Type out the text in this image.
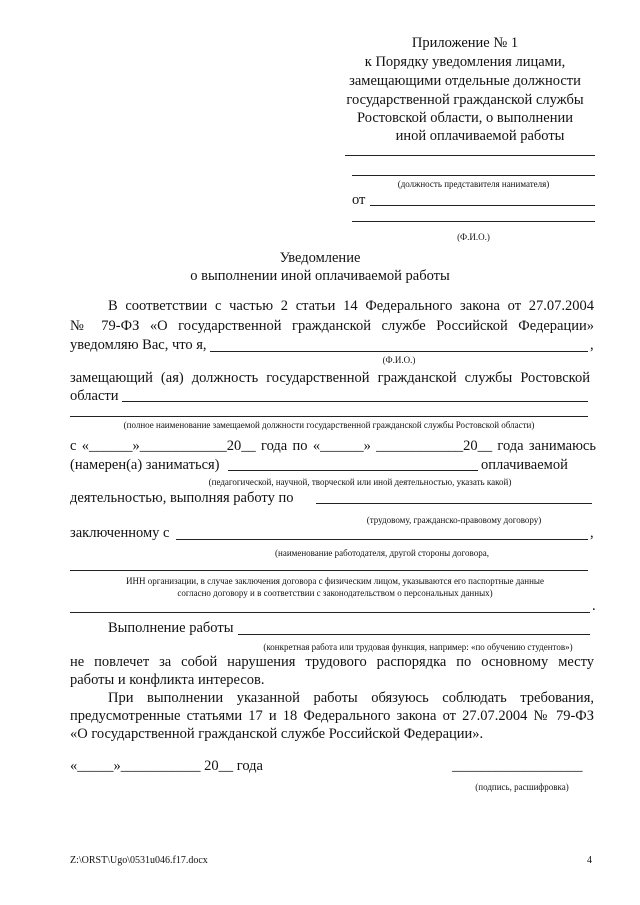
Приложение № 1
к Порядку уведомления лицами,
замещающими отдельные должности
государственной гражданской службы
Ростовской области, о выполнении
иной оплачиваемой работы
(должность представителя нанимателя)
от
(Ф.И.О.)
Уведомление
о выполнении иной оплачиваемой работы
В соответствии с частью 2 статьи 14 Федерального закона от 27.07.2004
№ 79-ФЗ «О государственной гражданской службе Российской Федерации»
уведомляю Вас, что я,	,
(Ф.И.О.)
замещающий (ая) должность государственной гражданской службы Ростовской
области
(полное наименование замещаемой должности государственной гражданской службы Ростовской области)
с «______»____________20__ года по «______» ____________20__ года занимаюсь
(намерен(а) заниматься)	оплачиваемой
(педагогической, научной, творческой или иной деятельностью, указать какой)
деятельностью, выполняя работу по
(трудовому, гражданско-правовому договору)
заключенному с	,
(наименование работодателя, другой стороны договора,
ИНН организации, в случае заключения договора с физическим лицом, указываются его паспортные данные
согласно договору и в соответствии с законодательством о персональных данных)
.
Выполнение работы
(конкретная работа или трудовая функция, например: «по обучению студентов»)
не повлечет за собой нарушения трудового распорядка по основному месту
работы и конфликта интересов.
При выполнении указанной работы обязуюсь соблюдать требования,
предусмотренные статьями 17 и 18 Федерального закона от 27.07.2004 № 79-ФЗ
«О государственной гражданской службе Российской Федерации».
«_____»___________ 20__ года	__________________
(подпись, расшифровка)
Z:\ORST\Ugo\0531u046.f17.docx	4
